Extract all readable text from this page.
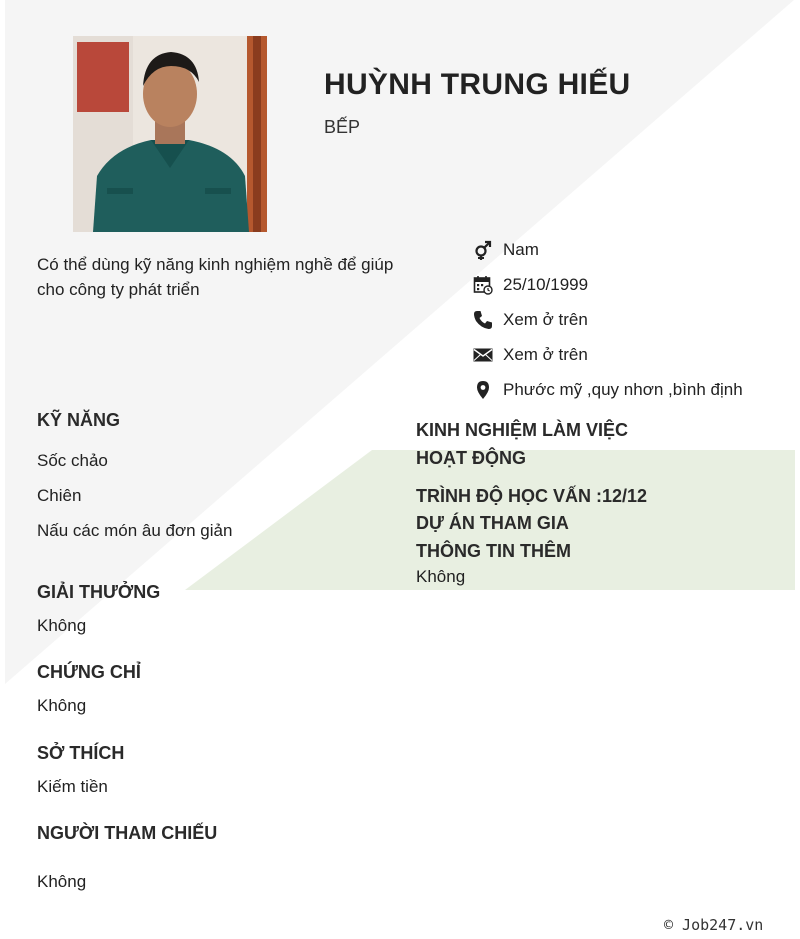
HUỲNH TRUNG HIẾU
BẾP
Có thể dùng kỹ năng kinh nghiệm nghề để giúp cho công ty phát triển
Nam
25/10/1999
Xem ở trên
Xem ở trên
Phước mỹ ,quy nhơn ,bình định
KỸ NĂNG
Sốc chảo
Chiên
Nấu các món âu đơn giản
GIẢI THƯỞNG
Không
CHỨNG CHỈ
Không
SỞ THÍCH
Kiếm tiền
NGƯỜI THAM CHIẾU
Không
KINH NGHIỆM LÀM VIỆC
HOẠT ĐỘNG
TRÌNH ĐỘ HỌC VẤN :12/12
DỰ ÁN THAM GIA
THÔNG TIN THÊM
Không
© Job247.vn
